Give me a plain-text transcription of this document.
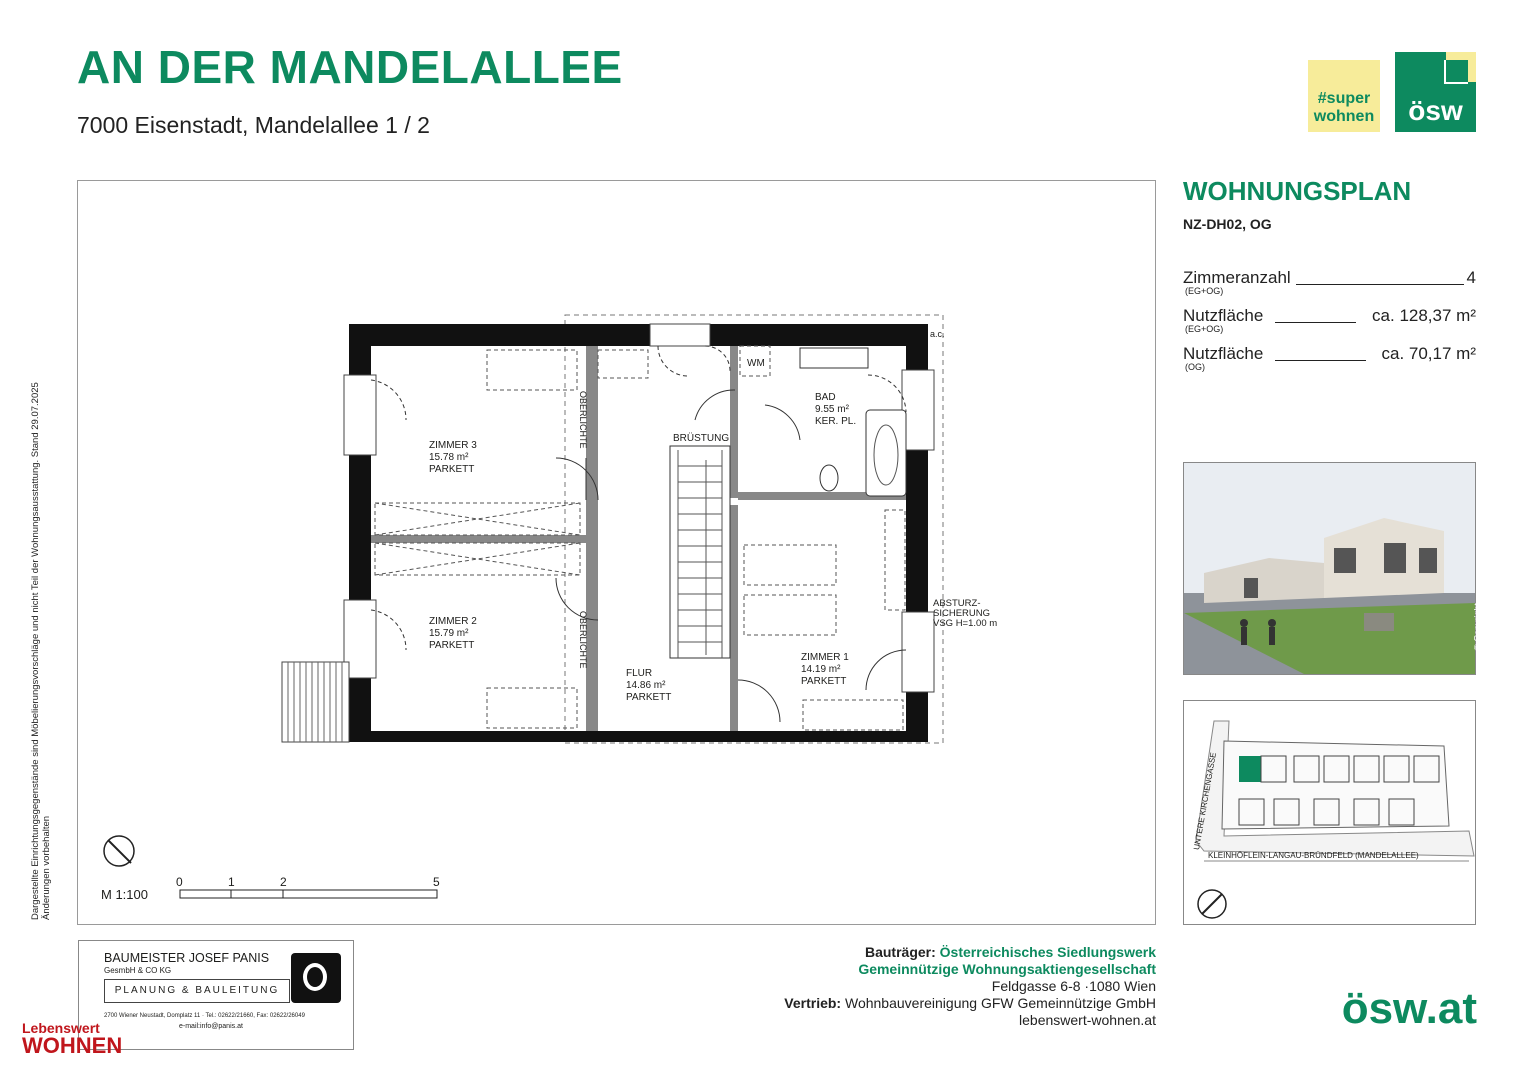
AN DER MANDELALLEE
7000 Eisenstadt, Mandelallee 1 / 2
#super
wohnen	ösw
Dargestellte Einrichtungsgegenstände sind Möbelierungsvorschläge und nicht Teil der Wohnungsausstattung. Stand 29.07.2025 Änderungen vorbehalten
ZIMMER 3
15.78 m²
PARKETT
ZIMMER 2
15.79 m²
PARKETT
FLUR
14.86 m²
PARKETT
ZIMMER 1
14.19 m²
PARKETT
BAD
9.55 m²
KER. PL.
WM
BRÜSTUNG
OBERLICHTE
OBERLICHTE
ABSTURZ-
SICHERUNG
VSG H=1.00 m
a.c.
M 1:100
0	1	2	5
WOHNUNGSPLAN
NZ-DH02, OG
Zimmeranzahl
(EG+OG)
4
Nutzfläche
(EG+OG)
ca. 128,37 m²
Nutzfläche
(OG)
ca. 70,17 m²
© Copyright
UNTERE KIRCHENGASSE
KLEINHÖFLEIN-LANGAU-BRÜNDFELD (MANDELALLEE)
BAUMEISTER JOSEF PANIS
GesmbH & CO KG
PLANUNG & BAULEITUNG
2700 Wiener Neustadt, Domplatz 11 · Tel.: 02622/21660, Fax: 02622/26049
e-mail:info@panis.at
Lebenswert
WOHNEN
Bauträger: Österreichisches Siedlungswerk
Gemeinnützige Wohnungsaktiengesellschaft
Feldgasse 6-8 ·1080 Wien
Vertrieb: Wohnbauvereinigung GFW Gemeinnützige GmbH
lebenswert-wohnen.at	ösw.at
